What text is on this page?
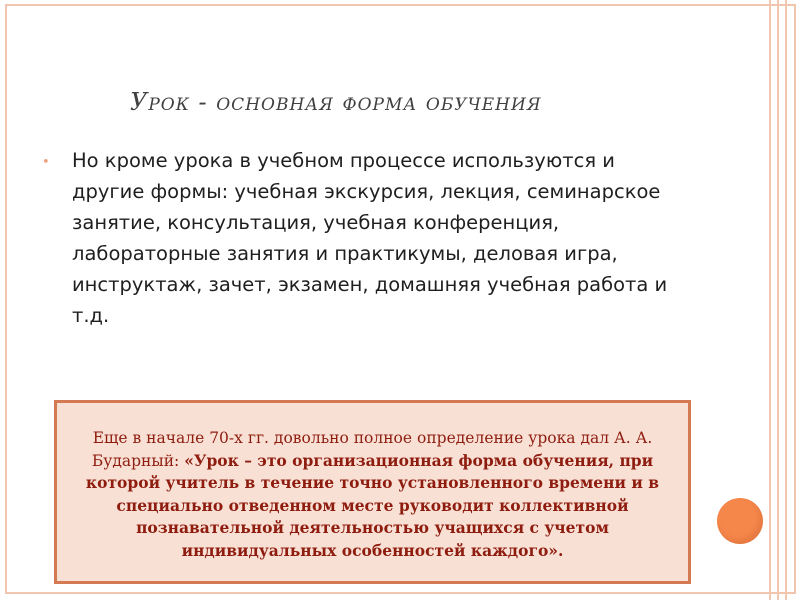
Урок - основная форма обучения
• Но кроме урока в учебном процессе используются и другие формы: учебная экскурсия, лекция, семинарское занятие, консультация, учебная конференция, лабораторные занятия и практикумы, деловая игра, инструктаж, зачет, экзамен, домашняя учебная работа и т.д.
Еще в начале 70-х гг. довольно полное определение урока дал А. А. Бударный: «Урок – это организационная форма обучения, при которой учитель в течение точно установленного времени и в специально отведенном месте руководит коллективной познавательной деятельностью учащихся с учетом индивидуальных особенностей каждого».
